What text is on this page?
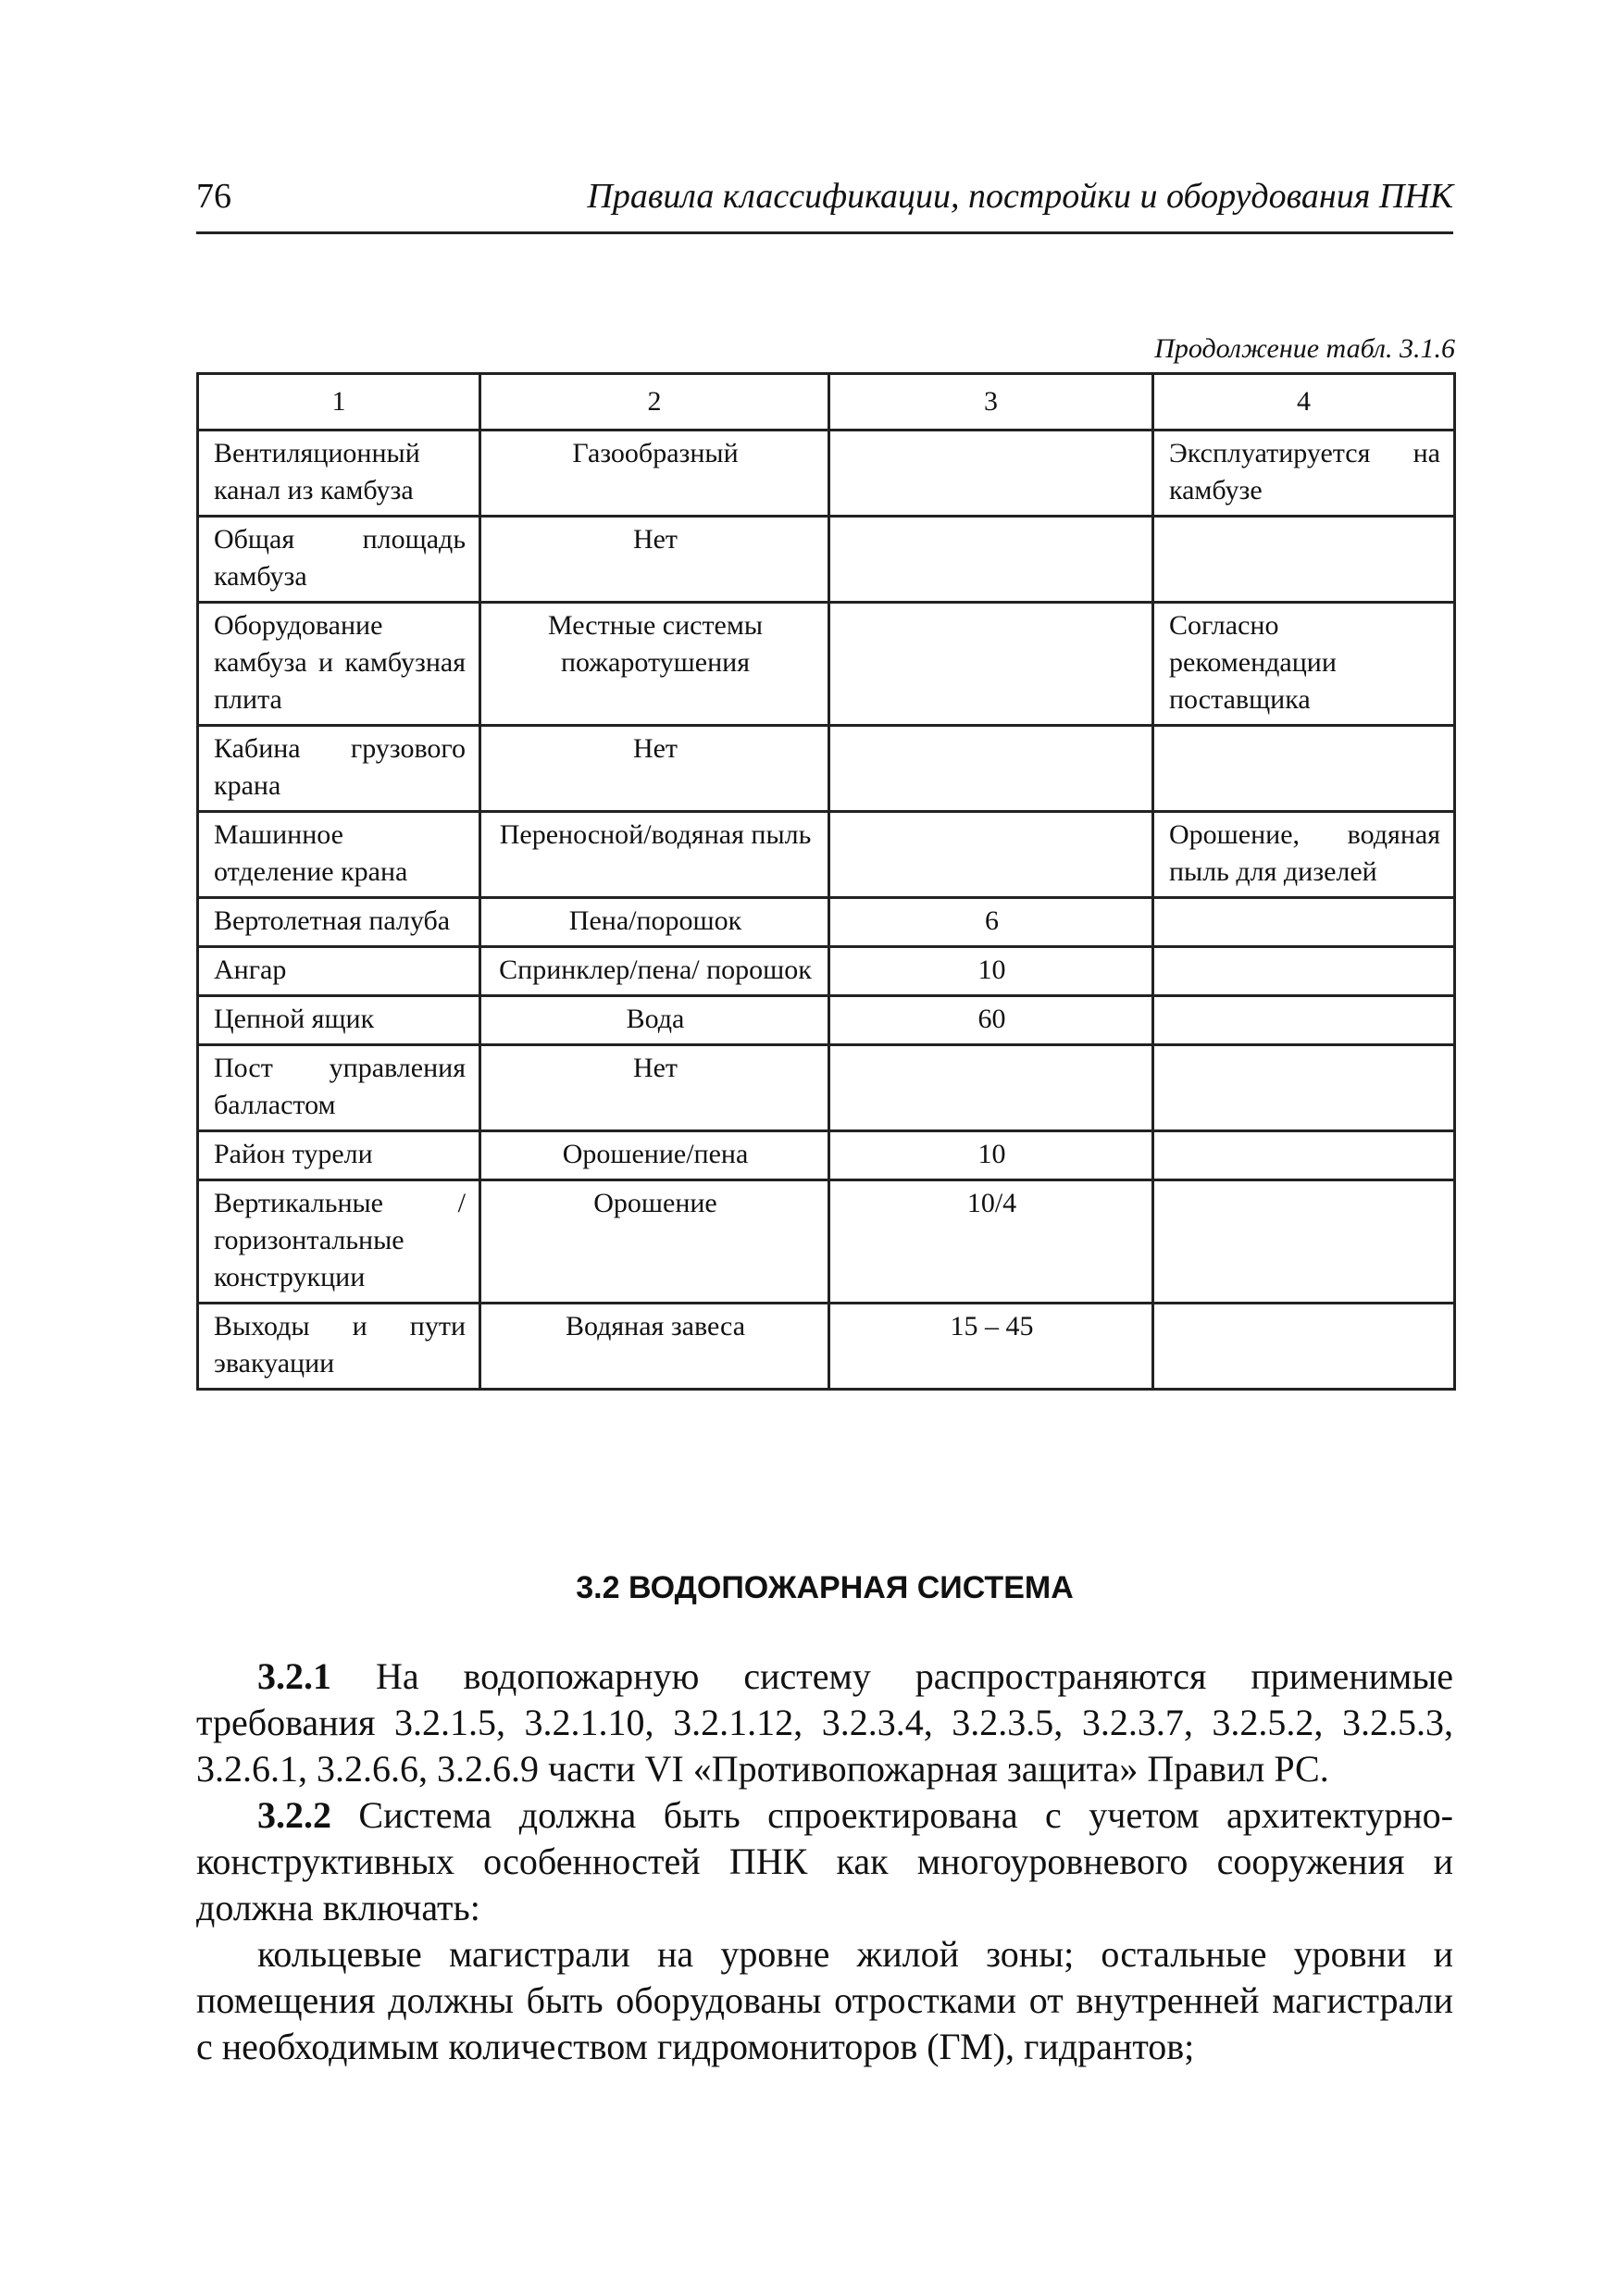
76	Правила классификации, постройки и оборудования ПНК
Продолжение табл. 3.1.6
1	2	3	4
Вентиляционный канал из камбуза	Газообразный		Эксплуатируется на камбузе
Общая площадь камбуза	Нет		
Оборудование камбуза и камбузная плита	Местные системы пожаротушения		Согласно рекомендации поставщика
Кабина грузового крана	Нет		
Машинное отделение крана	Переносной/водяная пыль		Орошение, водяная пыль для дизелей
Вертолетная палуба	Пена/порошок	6	
Ангар	Спринклер/пена/ порошок	10	
Цепной ящик	Вода	60	
Пост управления балластом	Нет		
Район турели	Орошение/пена	10	
Вертикальные / горизонтальные конструкции	Орошение	10/4	
Выходы и пути эвакуации	Водяная завеса	15 – 45	
3.2 ВОДОПОЖАРНАЯ СИСТЕМА

3.2.1 На водопожарную систему распространяются применимые требования 3.2.1.5, 3.2.1.10, 3.2.1.12, 3.2.3.4, 3.2.3.5, 3.2.3.7, 3.2.5.2, 3.2.5.3, 3.2.6.1, 3.2.6.6, 3.2.6.9 части VI «Противопожарная защита» Правил РС.

3.2.2 Система должна быть спроектирована с учетом архитектурно-конструктивных особенностей ПНК как многоуровневого сооружения и должна включать:

кольцевые магистрали на уровне жилой зоны; остальные уровни и помещения должны быть оборудованы отростками от внутренней магистрали с необходимым количеством гидромониторов (ГМ), гидрантов;
